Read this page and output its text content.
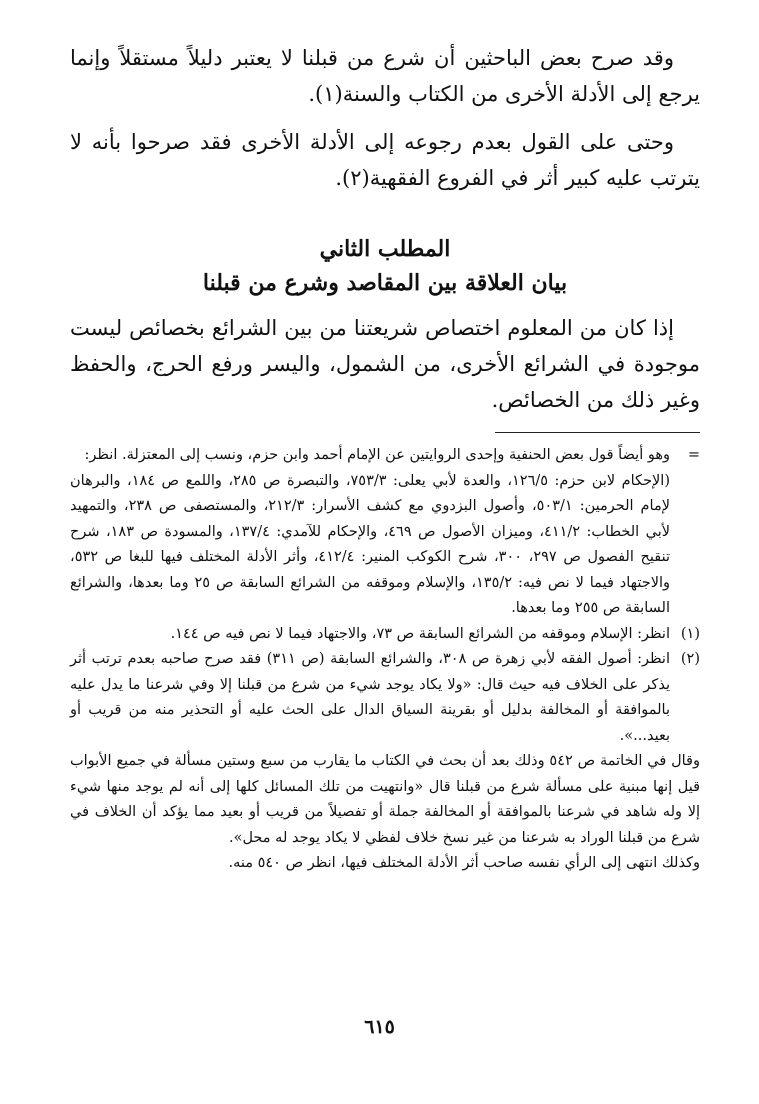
وقد صرح بعض الباحثين أن شرع من قبلنا لا يعتبر دليلاً مستقلاً وإنما يرجع إلى الأدلة الأخرى من الكتاب والسنة(١).

وحتى على القول بعدم رجوعه إلى الأدلة الأخرى فقد صرحوا بأنه لا يترتب عليه كبير أثر في الفروع الفقهية(٢).

المطلب الثاني

بيان العلاقة بين المقاصد وشرع من قبلنا

إذا كان من المعلوم اختصاص شريعتنا من بين الشرائع بخصائص ليست موجودة في الشرائع الأخرى، من الشمول، واليسر ورفع الحرج، والحفظ وغير ذلك من الخصائص.

=
وهو أيضاً قول بعض الحنفية وإحدى الروايتين عن الإمام أحمد وابن حزم، ونسب إلى المعتزلة. انظر:
(الإحكام لابن حزم: ١٢٦/٥، والعدة لأبي يعلى: ٧٥٣/٣، والتبصرة ص ٢٨٥، واللمع ص ١٨٤، والبرهان لإمام الحرمين: ٥٠٣/١، وأصول البزدوي مع كشف الأسرار: ٢١٢/٣، والمستصفى ص ٢٣٨، والتمهيد لأبي الخطاب: ٤١١/٢، وميزان الأصول ص ٤٦٩، والإحكام للآمدي: ١٣٧/٤، والمسودة ص ١٨٣، شرح تنقيح الفصول ص ٢٩٧، ٣٠٠، شرح الكوكب المنير: ٤١٢/٤، وأثر الأدلة المختلف فيها للبغا ص ٥٣٢، والاجتهاد فيما لا نص فيه: ١٣٥/٢، والإسلام وموقفه من الشرائع السابقة ص ٢٥ وما بعدها، والشرائع السابقة ص ٢٥٥ وما بعدها.
(١)
انظر: الإسلام وموقفه من الشرائع السابقة ص ٧٣، والاجتهاد فيما لا نص فيه ص ١٤٤.
(٢)
انظر: أصول الفقه لأبي زهرة ص ٣٠٨، والشرائع السابقة (ص ٣١١) فقد صرح صاحبه بعدم ترتب أثر يذكر على الخلاف فيه حيث قال: «ولا يكاد يوجد شيء من شرع من قبلنا إلا وفي شرعنا ما يدل عليه بالموافقة أو المخالفة بدليل أو بقرينة السياق الدال على الحث عليه أو التحذير منه من قريب أو بعيد...».

وقال في الخاتمة ص ٥٤٢ وذلك بعد أن بحث في الكتاب ما يقارب من سبع وستين مسألة في جميع الأبواب قيل إنها مبنية على مسألة شرع من قبلنا قال «وانتهيت من تلك المسائل كلها إلى أنه لم يوجد منها شيء إلا وله شاهد في شرعنا بالموافقة أو المخالفة جملة أو تفصيلاً من قريب أو بعيد مما يؤكد أن الخلاف في شرع من قبلنا الوراد به شرعنا من غير نسخ خلاف لفظي لا يكاد يوجد له محل».

وكذلك انتهى إلى الرأي نفسه صاحب أثر الأدلة المختلف فيها، انظر ص ٥٤٠ منه.

٦١٥
